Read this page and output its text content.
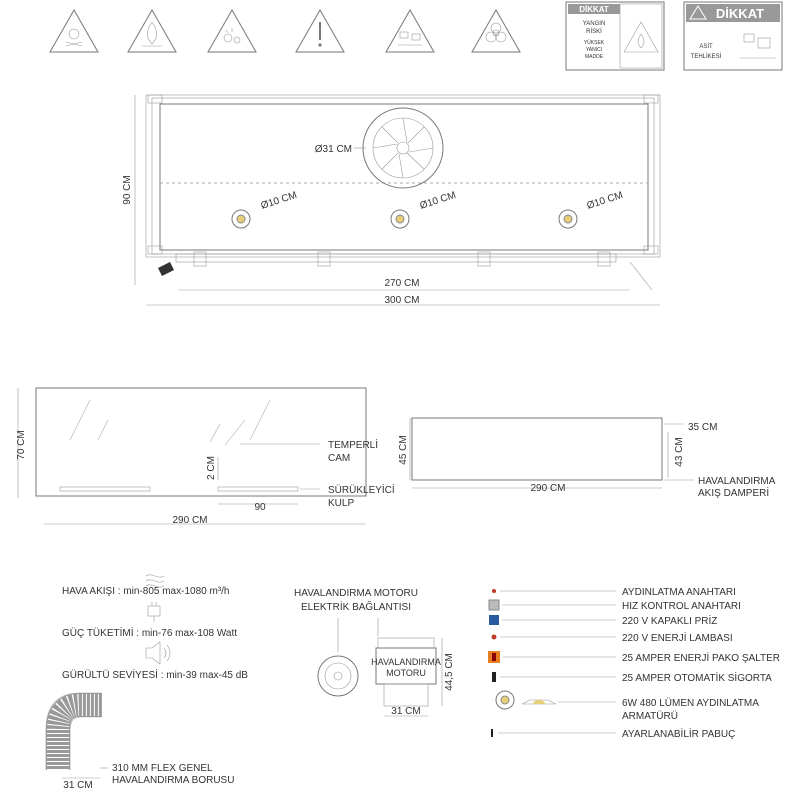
DİKKAT
YANGIN
RİSKİ
YÜKSEK
YANICI
MADDE
DİKKAT
ASİT
TEHLİKESİ
Ø31 CM
Ø10 CM	Ø10 CM	Ø10 CM
90 CM
270 CM
300 CM
70 CM
290 CM
90
2 CM
TEMPERLİ
CAM
SÜRÜKLEYİCİ
KULP
45 CM
290 CM
35 CM
43 CM
HAVALANDIRMA
AKIŞ DAMPERİ
HAVA AKIŞI : min-805 max-1080 m³/h
GÜÇ TÜKETİMİ : min-76 max-108 Watt
GÜRÜLTÜ SEVİYESİ : min-39 max-45 dB
31 CM
310 MM FLEX GENEL
HAVALANDIRMA BORUSU
HAVALANDIRMA MOTORU
ELEKTRİK BAĞLANTISI
HAVALANDIRMA
MOTORU 44,5 CM
31 CM
AYDINLATMA ANAHTARI
HIZ KONTROL ANAHTARI
220 V KAPAKLI PRİZ
220 V ENERJİ LAMBASI
25 AMPER ENERJİ PAKO ŞALTER
25 AMPER OTOMATİK SİGORTA
6W 480 LÜMEN AYDINLATMA
ARMATÜRÜ
AYARLANABİLİR PABUÇ
